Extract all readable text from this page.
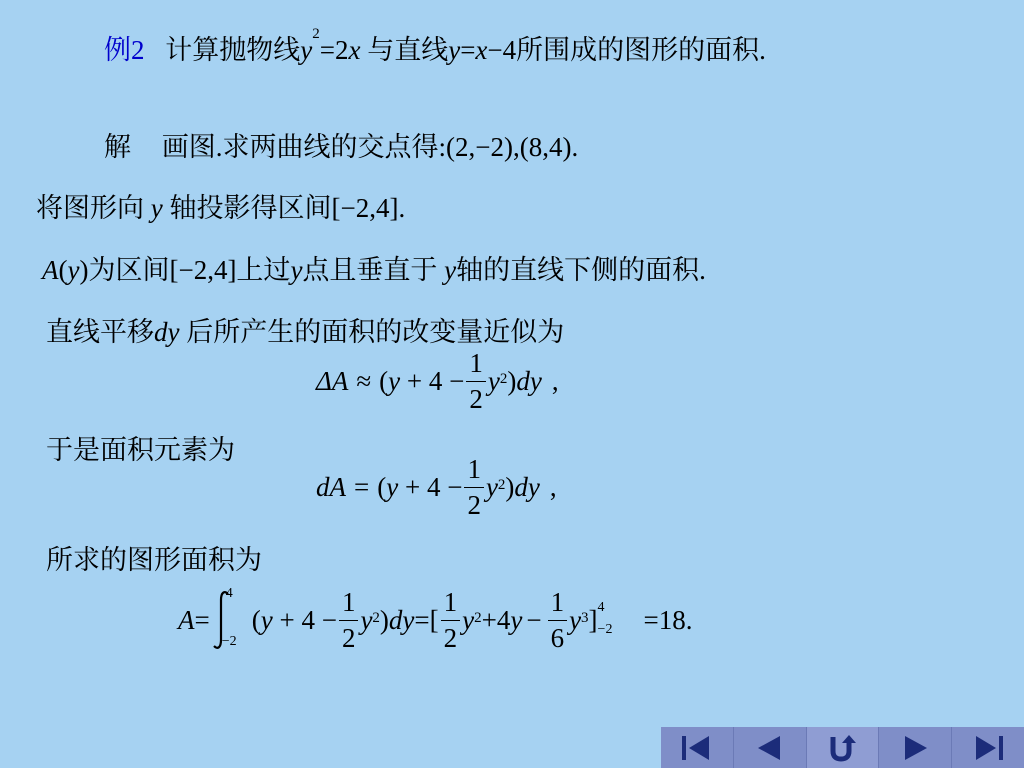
例2 计算抛物线$y^2=2x$ 与直线y=x−4所围成的图形的面积.
解 画图.求两曲线的交点得:(2,−2),(8,4).
将图形向 y 轴投影得区间[−2,4].
A(y)为区间[−2,4]上过y点且垂直于 y轴的直线下侧的面积.
直线平移dy 后所产生的面积的改变量近似为
ΔA ≈ ( $y + 4 - \frac{1}{2} y^2$ ) dy ,
于是面积元素为
dA = ( $y + 4 - \frac{1}{2} y^2$ ) dy ,
所求的图形面积为
A =
4
−2
( $y + 4 - \frac{1}{2} y^2$ ) dy =[ $\frac{1}{2} y^2 +4$ $y - \frac{1}{6} y^3$ ] 4
−2 =18.
